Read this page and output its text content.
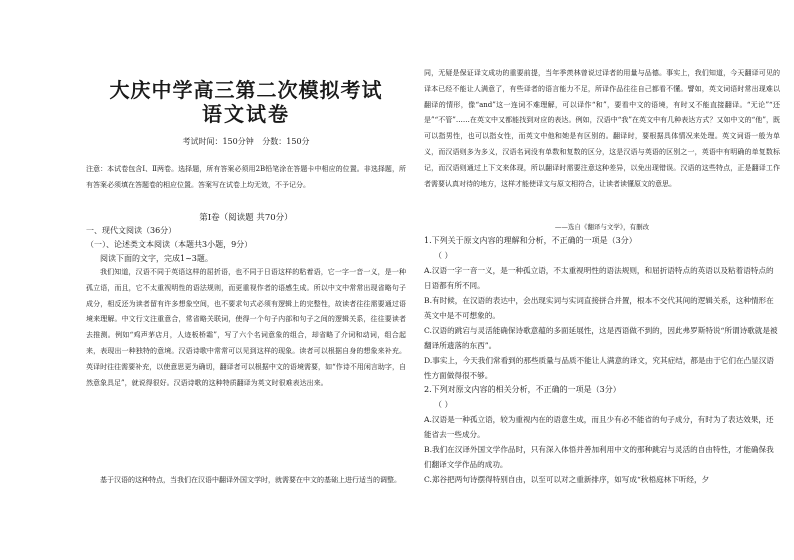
大庆中学高三第二次模拟考试
语文试卷
考试时间：150分钟 分数：150分
注意：本试卷包含Ⅰ、Ⅱ两卷。选择题，所有答案必须用2B铅笔涂在答题卡中相应的位置。非选择题，所有答案必须填在答题卷的相应位置。答案写在试卷上均无效，不予记分。
第Ⅰ卷（阅读题 共70分）
一、现代文阅读（36分）
（一）、论述类文本阅读（本题共3小题，9分）
阅读下面的文字，完成1~3题。

我们知道，汉语不同于英语这样的屈折语，也不同于日语这样的粘着语，它一字一音一义，是一种孤立语，而且，它不太重视明性的语法规则，而更重视作者的语感生成。所以中文中常常出现省略句子成分，相反还为读者留有许多想象空间，也不要求句式必须有逻辑上的完整性，故读者往往需要通过语境来理解。中文行文注重意合，常省略关联词，使得一个句子内部和句子之间的逻辑关系，往往要读者去推测。例如“鸡声茅店月，人迹板桥霜”，写了六个名词意象的组合，却省略了介词和动词，组合起来，表现出一种独特的意境。汉语诗歌中常常可以见到这样的现象。读者可以根据自身的想象来补充。英译时往往需要补充，以使意思更为确切，翻译者可以根据中文的语境需要，如“作诗不用闲言助字，自然意象具足”，就说得很好。汉语诗歌的这种特质翻译为英文时很难表达出来。

基于汉语的这种特点，当我们在汉语中翻译外国文学时，就需要在中文的基础上进行适当的调整。

同，无疑是保证译文成功的重要前提，当年季羡林曾说过译者的用量与品德。事实上，我们知道，今天翻译可见的译本已经不能让人满意了，有些译者的语言能力不足，所译作品往往自己都看不懂。譬如，英文词语时常出现难以翻译的情形，像“and”这一连词不难理解，可以译作“和”，要看中文的语境，有时又不能直接翻译。“无论”“还是”“不管”……在英文中又都能找到对应的表达。例如，汉语中“我”在英文中有几种表达方式？又如中文的“他”，既可以指男性，也可以指女性，而英文中他和她是有区别的。翻译时，要根据具体情况来处理。英文词语一般为单义，而汉语则多为多义，汉语名词没有单数和复数的区分，这是汉语与英语的区别之一，英语中有明确的单复数标记，而汉语则通过上下文来体现，所以翻译时需要注意这种差异，以免出现错误。汉语的这些特点，正是翻译工作者需要认真对待的地方，这样才能使译文与原文相符合，让读者读懂原文的意思。

——选自《翻译与文学》，有删改

1.下列关于原文内容的理解和分析，不正确的一项是（3分）

（ ）

A.汉语一字一音一义，是一种孤立语，不太重视明性的语法规则，和屈折语特点的英语以及粘着语特点的日语都有所不同。

B.有时候，在汉语的表达中，会出现实词与实词直接拼合并置，根本不交代其间的逻辑关系，这种情形在英文中是不可想象的。

C.汉语的跳宕与灵活能确保诗歌意蕴的多面延展性，这是西语做不到的，因此弗罗斯特说“所谓诗歌就是被翻译所遗落的东西”。

D.事实上，今天我们常看到的那些质量与品质不能让人满意的译文，究其症结，都是由于它们在凸显汉语性方面做得很不够。

2.下列对原文内容的相关分析，不正确的一项是（3分）

（ ）

A.汉语是一种孤立语，较为重视内在的语意生成，而且少有必不能省的句子成分，有时为了表达效果，还能省去一些成分。

B.我们在汉译外国文学作品时，只有深入体悟并善加利用中文的那种跳宕与灵活的自由特性，才能确保我们翻译文学作品的成功。

C.郑谷把两句诗摆得特别自由，以至可以对之重新排序，如写成“秋梧庭林下听经，夕
